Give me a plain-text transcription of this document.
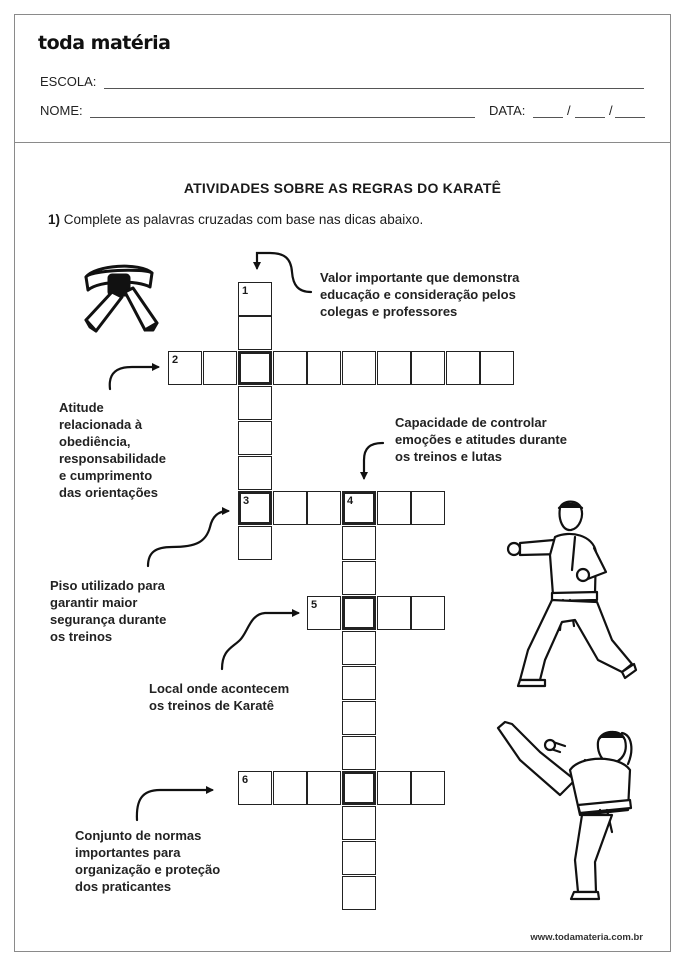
toda matéria
ESCOLA:
NOME:	DATA:	/	/
ATIVIDADES SOBRE AS REGRAS DO KARATÊ
1) Complete as palavras cruzadas com base nas dicas abaixo.
1
2
3	4
5
6
Valor importante que demonstra
educação e consideração pelos
colegas e professores
Atitude
relacionada à
obediência,
responsabilidade
e cumprimento
das orientações
Capacidade de controlar
emoções e atitudes durante
os treinos e lutas
Piso utilizado para
garantir maior
segurança durante
os treinos
Local onde acontecem
os treinos de Karatê
Conjunto de normas
importantes para
organização e proteção
dos praticantes
www.todamateria.com.br
